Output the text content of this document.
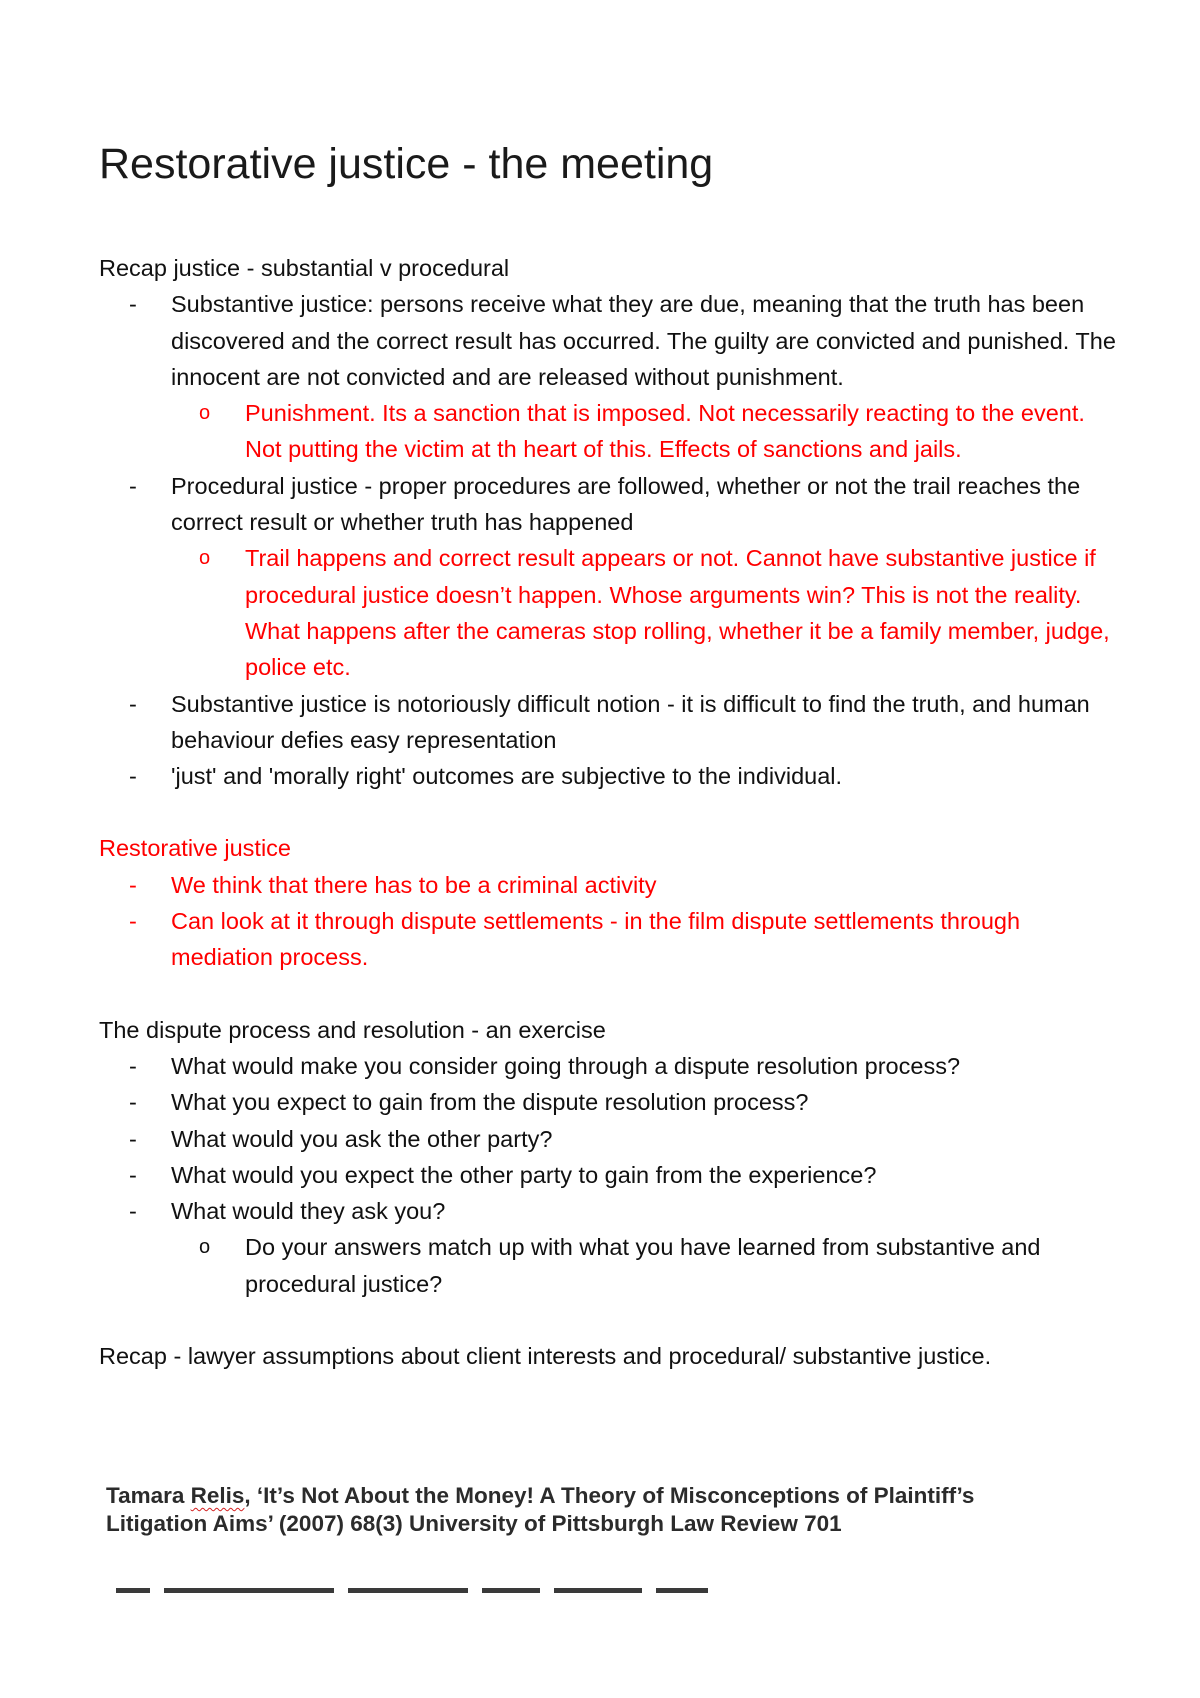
Restorative justice - the meeting

Recap justice - substantial v procedural

-	Substantive justice: persons receive what they are due, meaning that the truth has been discovered and the correct result has occurred. The guilty are convicted and punished. The innocent are not convicted and are released without punishment.
o Punishment. Its a sanction that is imposed. Not necessarily reacting to the event. Not putting the victim at th heart of this. Effects of sanctions and jails.
-	Procedural justice - proper procedures are followed, whether or not the trail reaches the correct result or whether truth has happened
o Trail happens and correct result appears or not. Cannot have substantive justice if procedural justice doesn’t happen. Whose arguments win? This is not the reality. What happens after the cameras stop rolling, whether it be a family member, judge, police etc.
-	Substantive justice is notoriously difficult notion - it is difficult to find the truth, and human behaviour defies easy representation
-	'just' and 'morally right' outcomes are subjective to the individual.

Restorative justice

-	We think that there has to be a criminal activity
-	Can look at it through dispute settlements - in the film dispute settlements through mediation process.

The dispute process and resolution - an exercise

-	What would make you consider going through a dispute resolution process?
-	What you expect to gain from the dispute resolution process?
-	What would you ask the other party?
-	What would you expect the other party to gain from the experience?
-	What would they ask you?
o Do your answers match up with what you have learned from substantive and procedural justice?

Recap - lawyer assumptions about client interests and procedural/ substantive justice.

Tamara Relis, ‘It’s Not About the Money! A Theory of Misconceptions of Plaintiff’s
Litigation Aims’ (2007) 68(3) University of Pittsburgh Law Review 701
